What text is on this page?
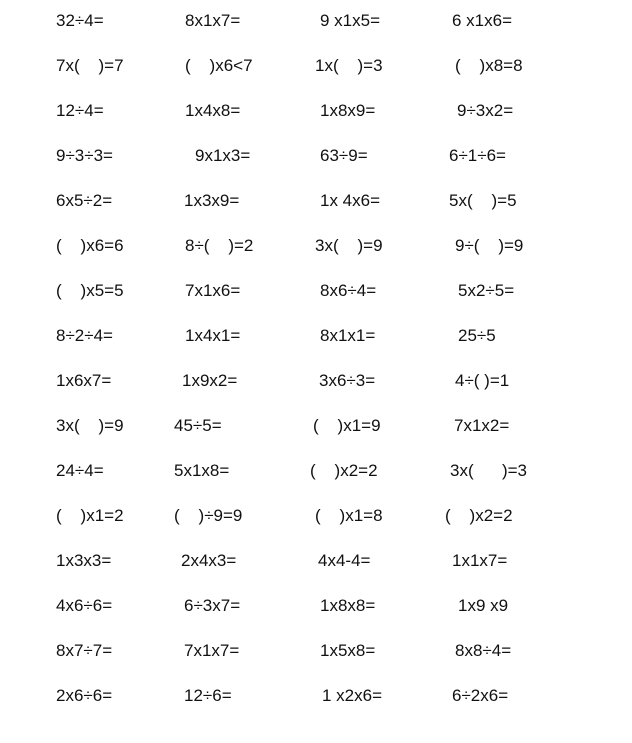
32÷4=	8x1x7=	9 x1x5=	6 x1x6=
7x(    )=7	(    )x6<7	1x(    )=3	(    )x8=8
12÷4=	1x4x8=	1x8x9=	9÷3x2=
9÷3÷3=	9x1x3=	63÷9=	6÷1÷6=
6x5÷2=	1x3x9=	1x 4x6=	5x(    )=5
(    )x6=6	8÷(    )=2	3x(    )=9	9÷(    )=9
(    )x5=5	7x1x6=	8x6÷4=	5x2÷5=
8÷2÷4=	1x4x1=	8x1x1=	25÷5
1x6x7=	1x9x2=	3x6÷3=	4÷( )=1
3x(    )=9	45÷5=	(    )x1=9	7x1x2=
24÷4=	5x1x8=	(    )x2=2	3x(      )=3
(    )x1=2	(    )÷9=9	(    )x1=8	(    )x2=2
1x3x3=	2x4x3=	4x4-4=	1x1x7=
4x6÷6=	6÷3x7=	1x8x8=	1x9 x9
8x7÷7=	7x1x7=	1x5x8=	8x8÷4=
2x6÷6=	12÷6=	1 x2x6=	6÷2x6=
